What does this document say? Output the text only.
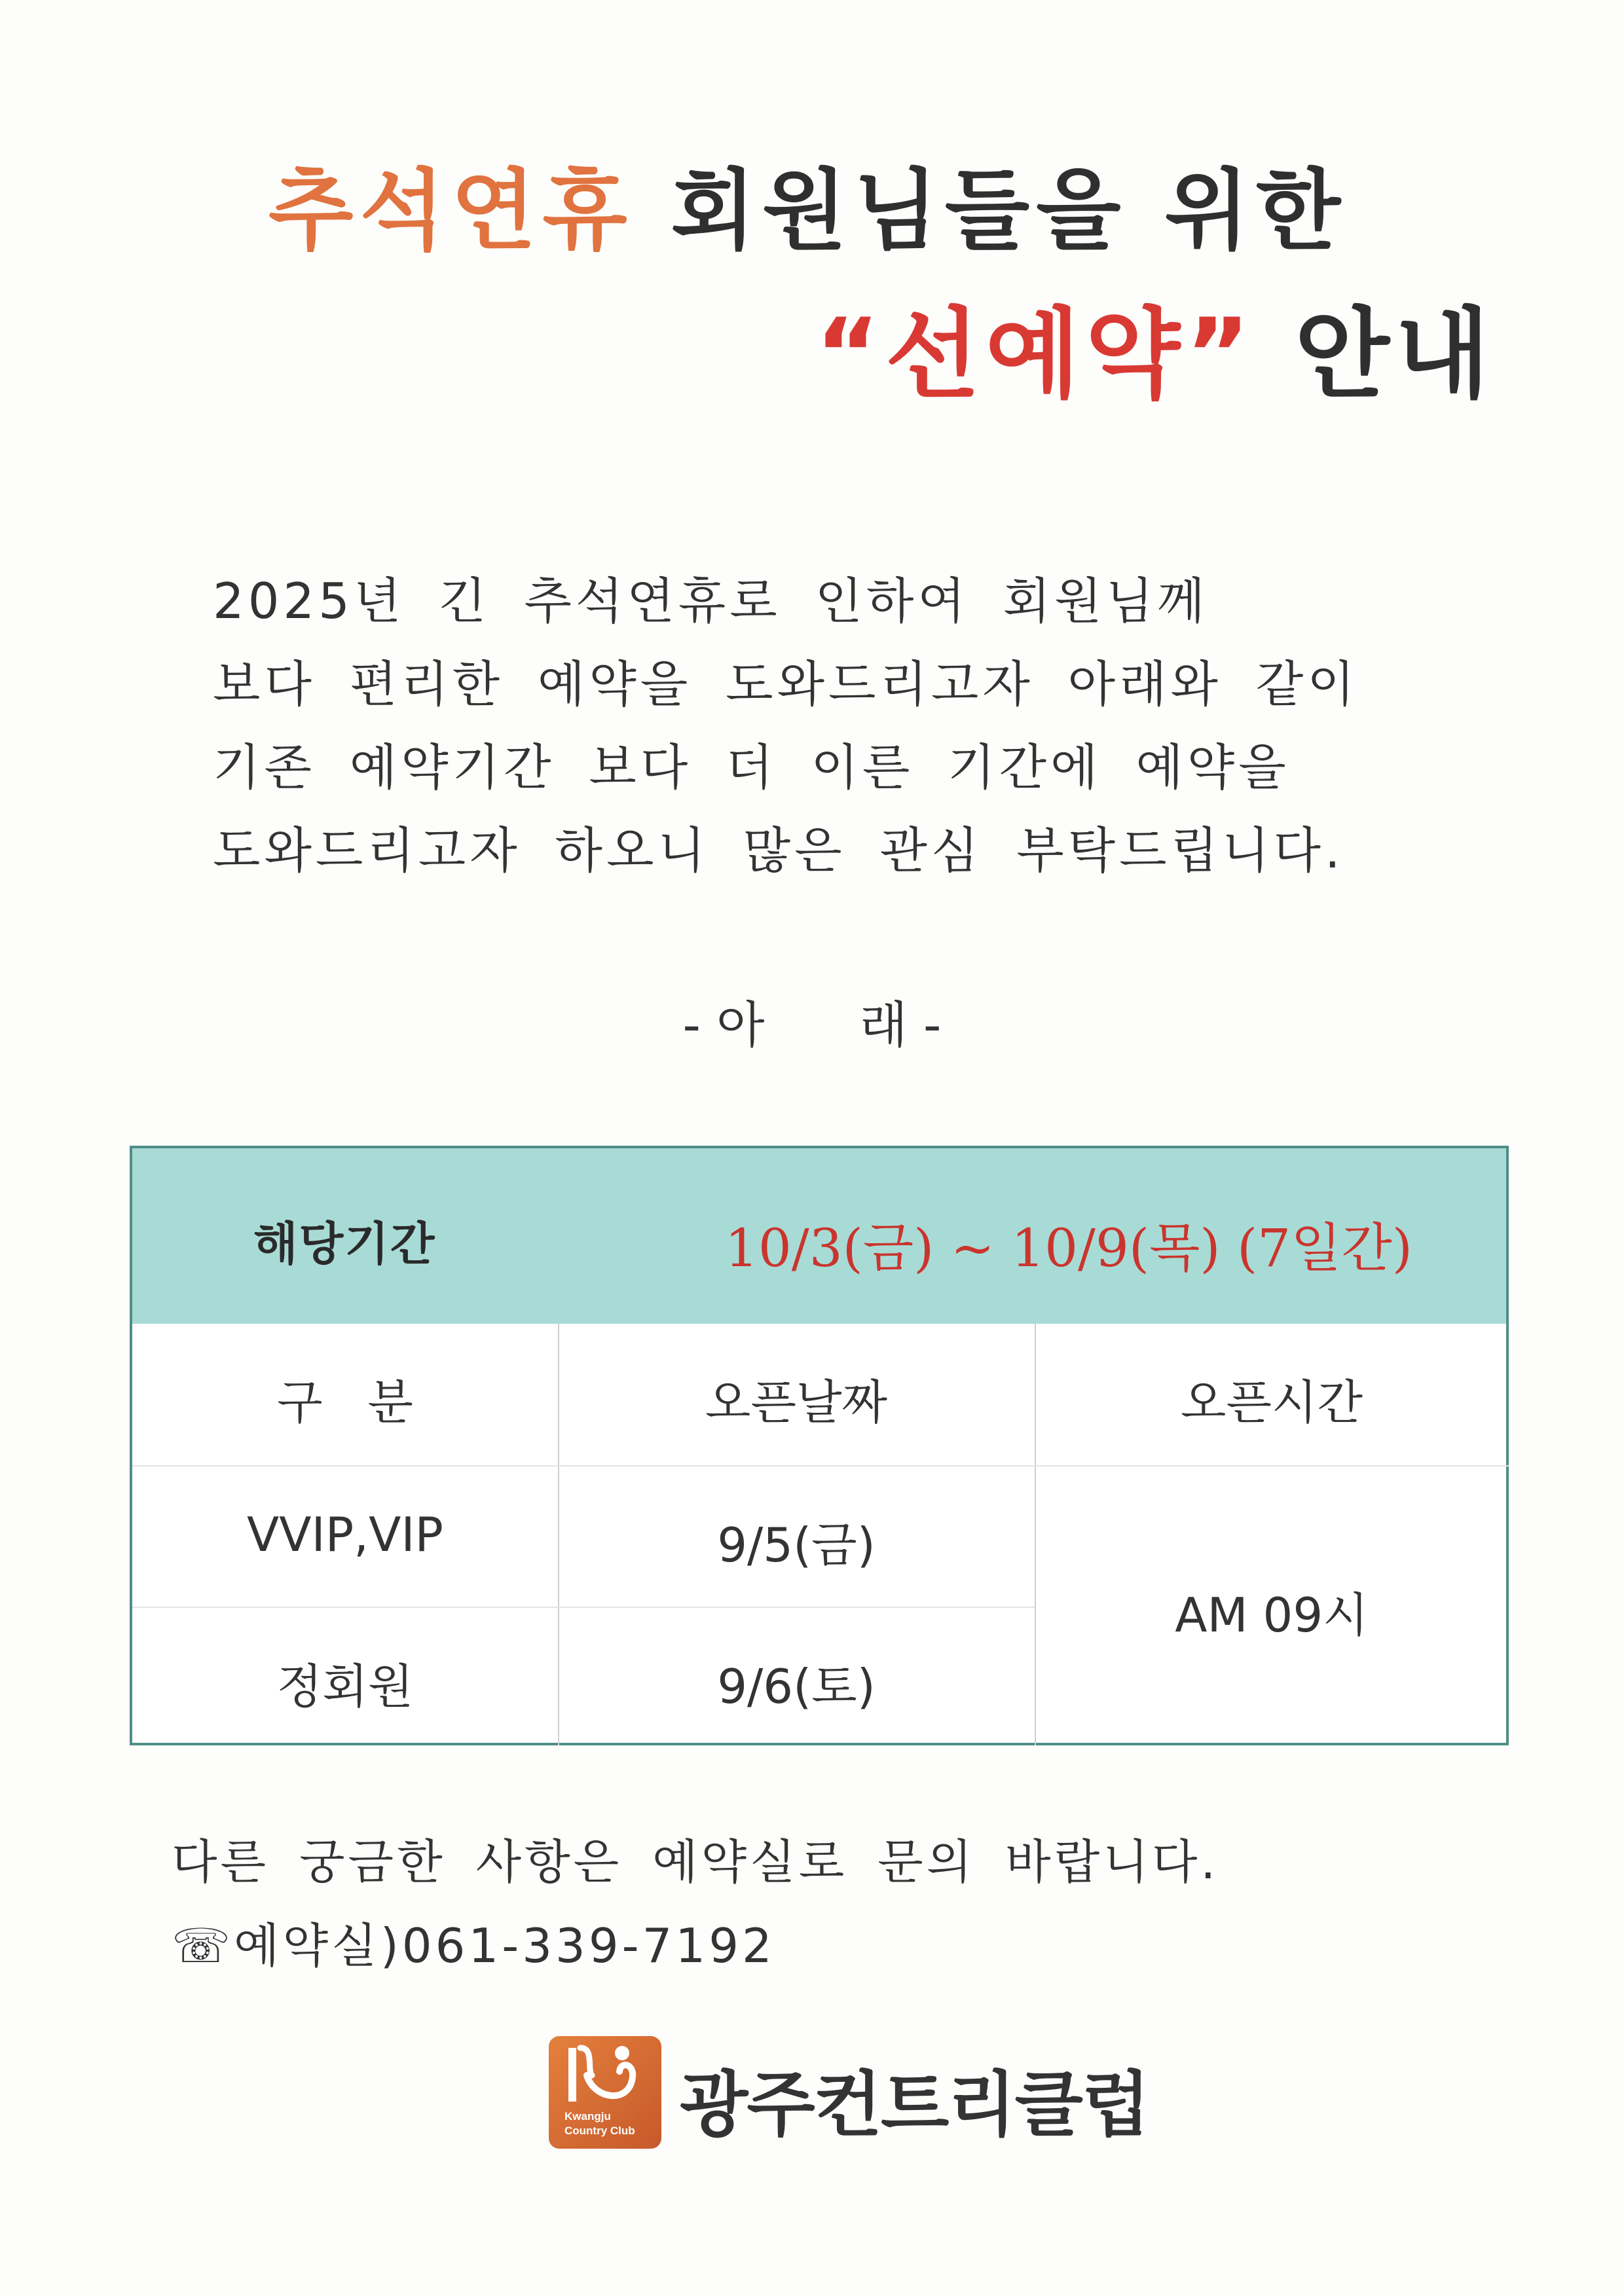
추석연휴 회원님들을 위한
“선예약” 안내
2025년 긴 추석연휴로 인하여 회원님께
보다 편리한 예약을 도와드리고자 아래와 같이
기존 예약기간 보다 더 이른 기간에 예약을
도와드리고자 하오니 많은 관심 부탁드립니다.
- 아      래 -
해당기간	10/3(금) ~ 10/9(목) (7일간)
구   분	오픈날짜	오픈시간
VVIP,VIP	9/5(금)
정회원	9/6(토)
AM 09시
다른 궁금한 사항은 예약실로 문의 바랍니다.
☏예약실)061-339-7192
Kwangju
Country Club 광주컨트리클럽
